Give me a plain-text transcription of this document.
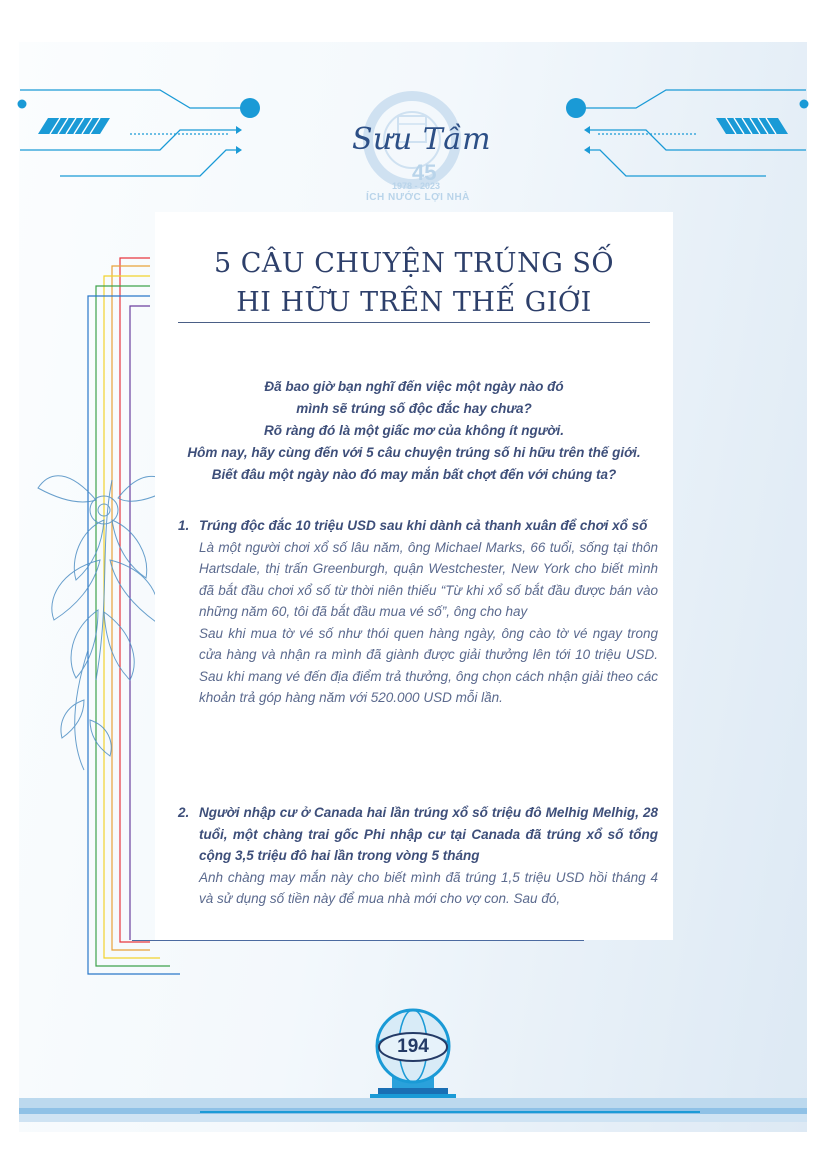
Sưu Tầm
45
1978 - 2023
ÍCH NƯỚC LỢI NHÀ
5 CÂU CHUYỆN TRÚNG SỐ
HI HỮU TRÊN THẾ GIỚI
Đã bao giờ bạn nghĩ đến việc một ngày nào đó
mình sẽ trúng số độc đắc hay chưa?
Rõ ràng đó là một giấc mơ của không ít người.
Hôm nay, hãy cùng đến với 5 câu chuyện trúng số hi hữu trên thế giới.
Biết đâu một ngày nào đó may mắn bất chợt đến với chúng ta?
1. Trúng độc đắc 10 triệu USD sau khi dành cả thanh xuân để chơi xổ số

Là một người chơi xổ số lâu năm, ông Michael Marks, 66 tuổi, sống tại thôn Hartsdale, thị trấn Greenburgh, quận Westchester, New York cho biết mình đã bắt đầu chơi xổ số từ thời niên thiếu “Từ khi xổ số bắt đầu được bán vào những năm 60, tôi đã bắt đầu mua vé số”, ông cho hay

Sau khi mua tờ vé số như thói quen hàng ngày, ông cào tờ vé ngay trong cửa hàng và nhận ra mình đã giành được giải thưởng lên tới 10 triệu USD. Sau khi mang vé đến địa điểm trả thưởng, ông chọn cách nhận giải theo các khoản trả góp hàng năm với 520.000 USD mỗi lần.

2. Người nhập cư ở Canada hai lần trúng xổ số triệu đô Melhig Melhig, 28 tuổi, một chàng trai gốc Phi nhập cư tại Canada đã trúng xổ số tổng cộng 3,5 triệu đô hai lần trong vòng 5 tháng

Anh chàng may mắn này cho biết mình đã trúng 1,5 triệu USD hồi tháng 4 và sử dụng số tiền này để mua nhà mới cho vợ con. Sau đó,

194
